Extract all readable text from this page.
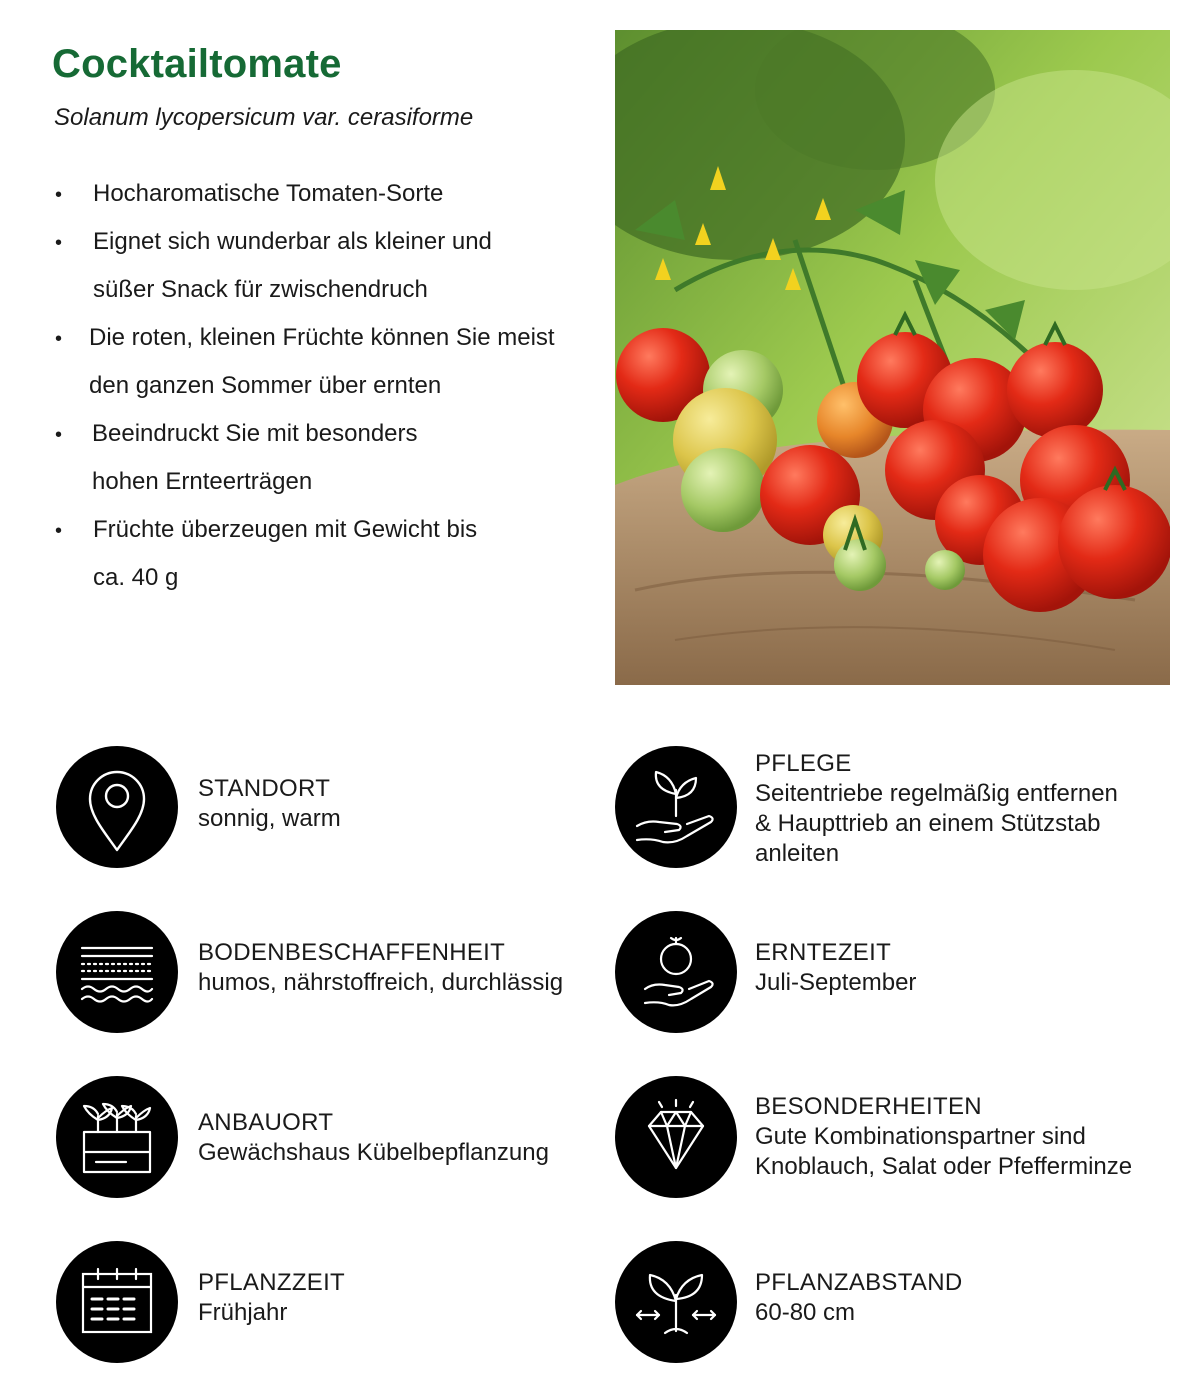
Cocktailtomate
Solanum lycopersicum var. cerasiforme
• Hocharomatische Tomaten-Sorte
• Eignet sich wunderbar als kleiner und
süßer Snack für zwischendruch
• Die roten, kleinen Früchte können Sie meist
den ganzen Sommer über ernten
• Beeindruckt Sie mit besonders
hohen Ernteerträgen
• Früchte überzeugen mit Gewicht bis
ca. 40 g
STANDORT
sonnig, warm
BODENBESCHAFFENHEIT
humos, nährstoffreich, durchlässig
ANBAUORT
Gewächshaus Kübelbepflanzung
PFLANZZEIT
Frühjahr
PFLEGE
Seitentriebe regelmäßig entfernen
& Haupttrieb an einem Stützstab
anleiten
ERNTEZEIT
Juli-September
BESONDERHEITEN
Gute Kombinationspartner sind
Knoblauch, Salat oder Pfefferminze
PFLANZABSTAND
60-80 cm
